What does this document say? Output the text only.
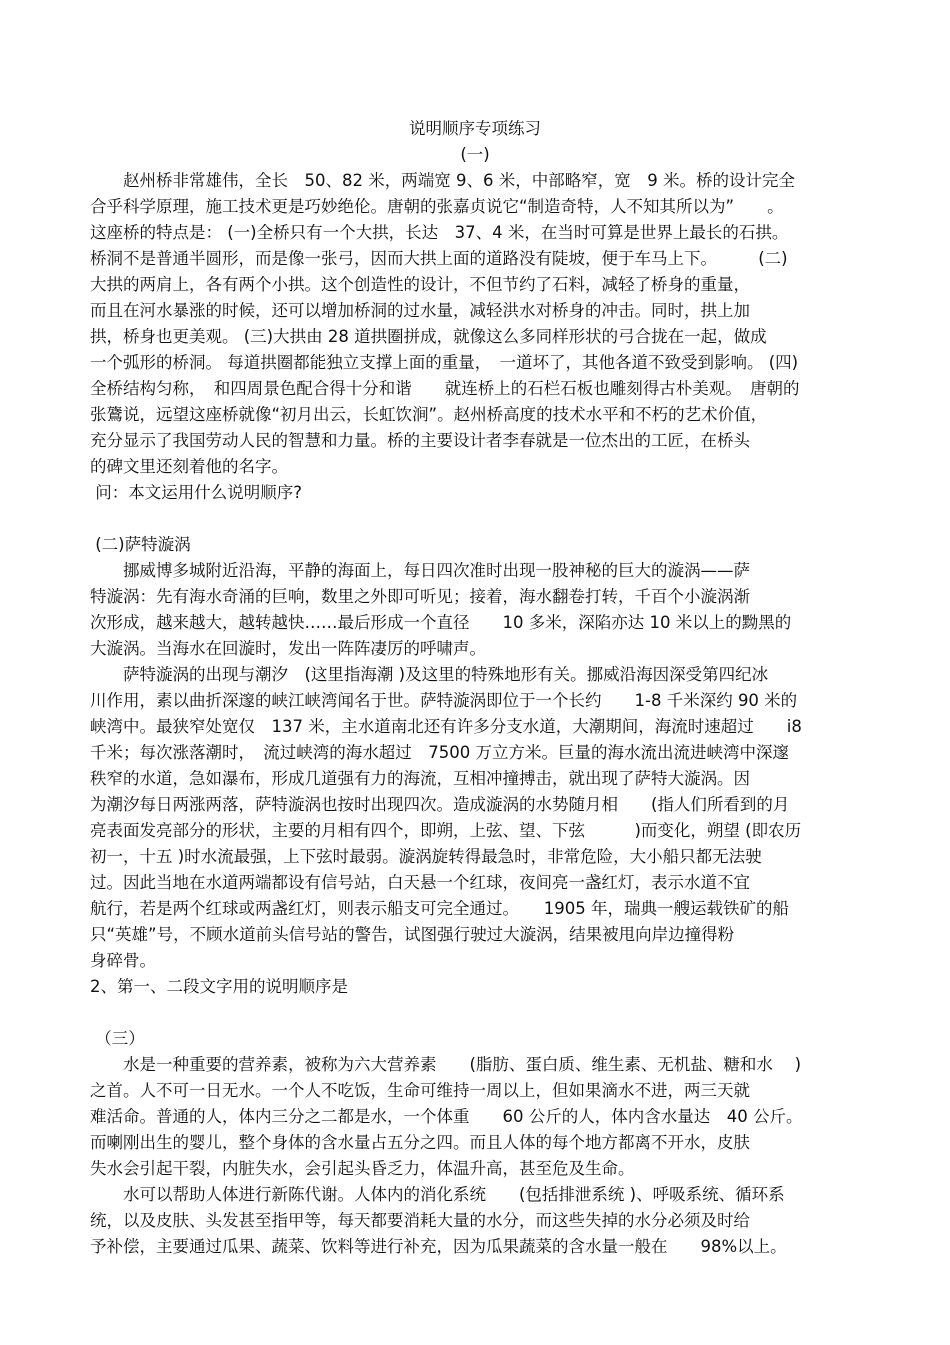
说明顺序专项练习
(一)
　　赵州桥非常雄伟，全长　50、82 米，两端宽 9、6 米，中部略窄，宽　9 米。桥的设计完全
合乎科学原理，施工技术更是巧妙绝伦。唐朝的张嘉贞说它“制造奇特，人不知其所以为”　　。
这座桥的特点是： (一)全桥只有一个大拱，长达　37、4 米，在当时可算是世界上最长的石拱。
桥洞不是普通半圆形，而是像一张弓，因而大拱上面的道路没有陡坡，便于车马上下。　　　(二)
大拱的两肩上，各有两个小拱。这个创造性的设计，不但节约了石料，减轻了桥身的重量，
而且在河水暴涨的时候，还可以增加桥洞的过水量，减轻洪水对桥身的冲击。同时，拱上加
拱，桥身也更美观。 (三)大拱由 28 道拱圈拼成，就像这么多同样形状的弓合拢在一起，做成
一个弧形的桥洞。 每道拱圈都能独立支撑上面的重量，　一道坏了，其他各道不致受到影响。 (四)
全桥结构匀称，　和四周景色配合得十分和谐　　就连桥上的石栏石板也雕刻得古朴美观。　唐朝的
张鷟说，远望这座桥就像“初月出云，长虹饮涧”。赵州桥高度的技术水平和不朽的艺术价值，
充分显示了我国劳动人民的智慧和力量。桥的主要设计者李春就是一位杰出的工匠，在桥头
的碑文里还刻着他的名字。
问：本文运用什么说明顺序?
(二)萨特漩涡
　　挪威博多城附近沿海，平静的海面上，每日四次准时出现一股神秘的巨大的漩涡——萨
特漩涡：先有海水奇涌的巨响，数里之外即可听见；接着，海水翻卷打转，千百个小漩涡渐
次形成，越来越大，越转越快……最后形成一个直径　　10 多米，深陷亦达 10 米以上的黝黑的
大漩涡。当海水在回漩时，发出一阵阵凄厉的呼啸声。
　　萨特漩涡的出现与潮汐　(这里指海潮 )及这里的特殊地形有关。挪威沿海因深受第四纪冰
川作用，素以曲折深邃的峡江峡湾闻名于世。萨特漩涡即位于一个长约　　1-8 千米深约 90 米的
峡湾中。最狭窄处宽仅　137 米，主水道南北还有许多分支水道，大潮期间，海流时速超过　　i8
千米；每次涨落潮时，　流过峡湾的海水超过　7500 万立方米。巨量的海水流出流进峡湾中深邃
秩窄的水道，急如瀑布，形成几道强有力的海流，互相冲撞搏击，就出现了萨特大漩涡。因
为潮汐每日两涨两落，萨特漩涡也按时出现四次。造成漩涡的水势随月相　　(指人们所看到的月
亮表面发亮部分的形状，主要的月相有四个，即朔，上弦、望、下弦　　　)而变化，朔望 (即农历
初一，十五 )时水流最强，上下弦时最弱。漩涡旋转得最急时，非常危险，大小船只都无法驶
过。因此当地在水道两端都设有信号站，白天悬一个红球，夜间亮一盏红灯，表示水道不宜
航行，若是两个红球或两盏红灯，则表示船支可完全通过。　　1905 年，瑞典一艘运载铁矿的船
只“英雄”号，不顾水道前头信号站的警告，试图强行驶过大漩涡，结果被甩向岸边撞得粉
身碎骨。
2、第一、二段文字用的说明顺序是
（三）
　　水是一种重要的营养素，被称为六大营养素　　(脂肪、蛋白质、维生素、无机盐、糖和水　 )
之首。人不可一日无水。一个人不吃饭，生命可维持一周以上，但如果滴水不进，两三天就
难活命。普通的人，体内三分之二都是水，一个体重　　60 公斤的人，体内含水量达　40 公斤。
而喇刚出生的婴儿，整个身体的含水量占五分之四。而且人体的每个地方都离不开水，皮肤
失水会引起干裂，内脏失水，会引起头昏乏力，体温升高，甚至危及生命。
　　水可以帮助人体进行新陈代谢。人体内的消化系统　　(包括排泄系统 )、呼吸系统、循环系
统，以及皮肤、头发甚至指甲等，每天都要消耗大量的水分，而这些失掉的水分必须及时给
予补偿，主要通过瓜果、蔬菜、饮料等进行补充，因为瓜果蔬菜的含水量一般在　　98%以上。
